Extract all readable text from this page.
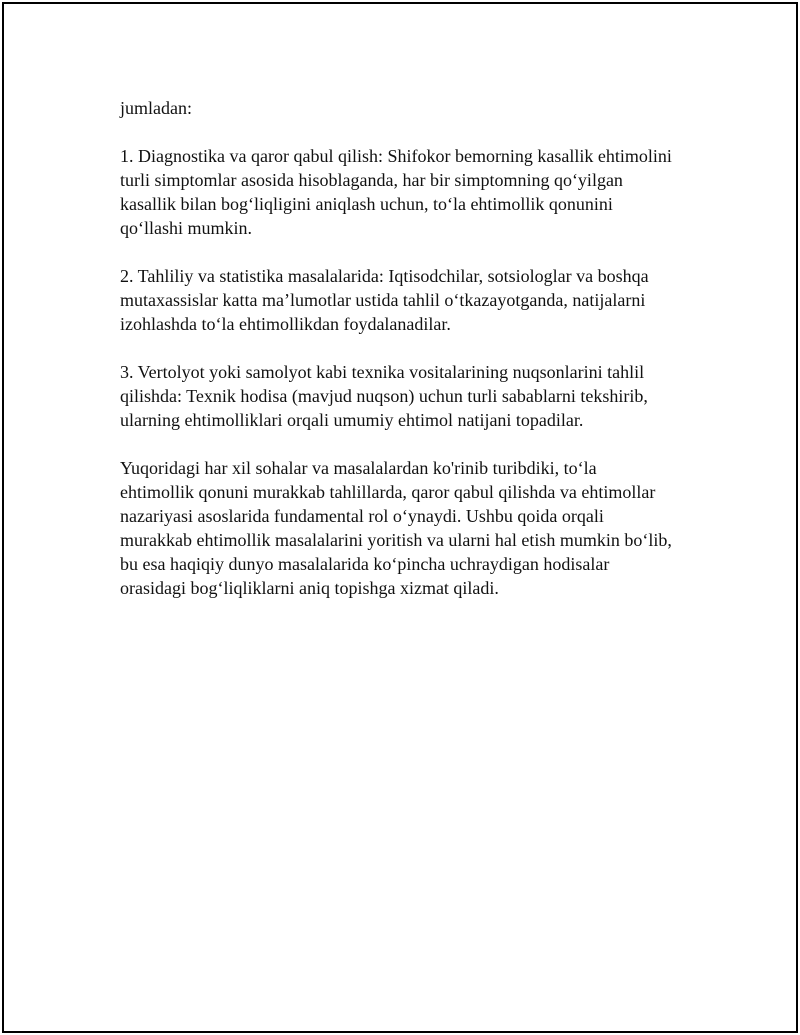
jumladan:

1. Diagnostika va qaror qabul qilish: Shifokor bemorning kasallik ehtimolini
turli simptomlar asosida hisoblaganda, har bir simptomning qo‘yilgan
kasallik bilan bog‘liqligini aniqlash uchun, to‘la ehtimollik qonunini
qo‘llashi mumkin.

2. Tahliliy va statistika masalalarida: Iqtisodchilar, sotsiologlar va boshqa
mutaxassislar katta ma’lumotlar ustida tahlil o‘tkazayotganda, natijalarni
izohlashda to‘la ehtimollikdan foydalanadilar.

3. Vertolyot yoki samolyot kabi texnika vositalarining nuqsonlarini tahlil
qilishda: Texnik hodisa (mavjud nuqson) uchun turli sabablarni tekshirib,
ularning ehtimolliklari orqali umumiy ehtimol natijani topadilar.

Yuqoridagi har xil sohalar va masalalardan ko'rinib turibdiki, to‘la
ehtimollik qonuni murakkab tahlillarda, qaror qabul qilishda va ehtimollar
nazariyasi asoslarida fundamental rol o‘ynaydi. Ushbu qoida orqali
murakkab ehtimollik masalalarini yoritish va ularni hal etish mumkin bo‘lib,
bu esa haqiqiy dunyo masalalarida ko‘pincha uchraydigan hodisalar
orasidagi bog‘liqliklarni aniq topishga xizmat qiladi.
